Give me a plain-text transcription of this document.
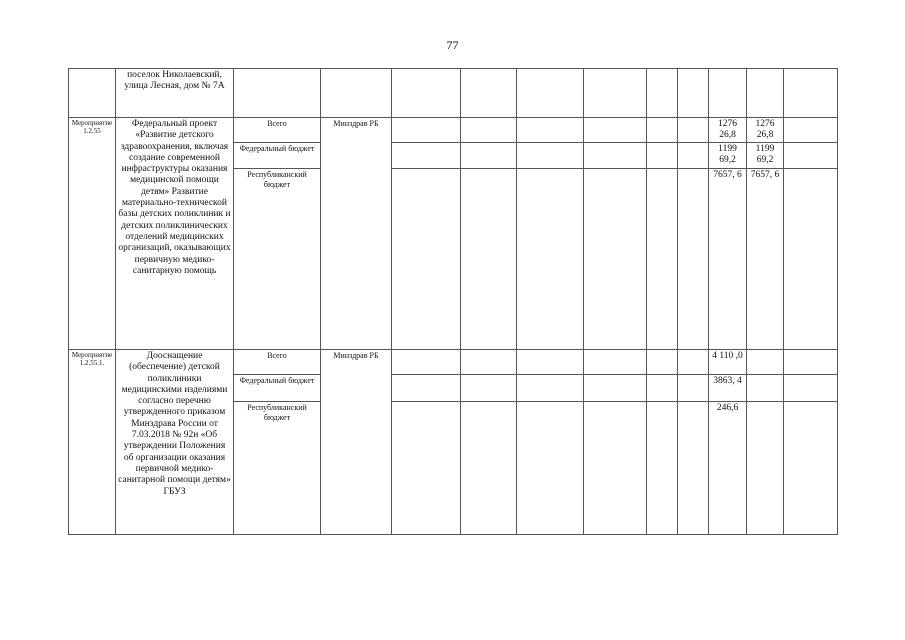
77
	поселок Николаевский, улица Лесная, дом № 7А											
Мероприятие 1.2.55	Федеральный проект «Развитие детского здравоохранения, включая создание современной инфраструктуры оказания медицинской помощи детям» Развитие материально-технической базы детских поликлиник и детских поликлинических отделений медицинских организаций, оказывающих первичную медико-санитарную помощь	Всего	Минздрав РБ							1276 26,8	1276 26,8	
		Федеральный бюджет								1199 69,2	1199 69,2	
		Республиканский бюджет								7657, 6	7657, 6	
Мероприятие 1.2.55.1.	Дооснащение (обеспечение) детской поликлиники медицинскими изделиями согласно перечню утвержденного приказом Минздрава России от 7.03.2018 № 92н «Об утверждении Положения об организации оказания первичной медико-санитарной помощи детям» ГБУЗ	Всего	Минздрав РБ							4 110 ,0		
		Федеральный бюджет								3863, 4		
		Республиканский бюджет								246,6		
